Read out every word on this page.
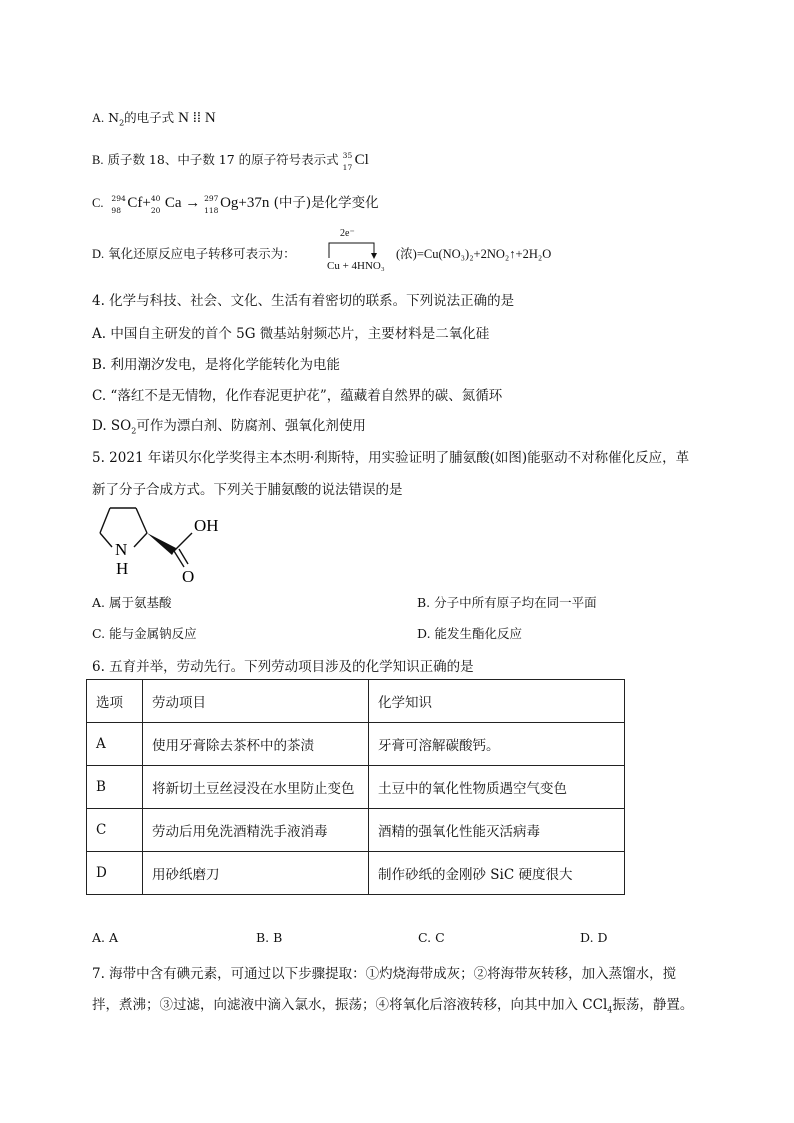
A. $N_2$的电子式 N ⁞⁞ N
B. 质子数 18、中子数 17 的原子符号表示式 35
17 Cl
C. 294
98 Cf+ 40
20 Ca → 297
118 Og+37n (中子)是化学变化
D. 氧化还原反应电子转移可表示为：
2e⁻
Cu + 4HNO₃
(浓)=Cu(NO₃)₂+2NO₂↑+2H₂O
4. 化学与科技、社会、文化、生活有着密切的联系。下列说法正确的是
A. 中国自主研发的首个 5G 微基站射频芯片，主要材料是二氧化硅
B. 利用潮汐发电，是将化学能转化为电能
C. “落红不是无情物，化作春泥更护花”，蕴藏着自然界的碳、氮循环
D. $SO_2$可作为漂白剂、防腐剂、强氧化剂使用
5. 2021 年诺贝尔化学奖得主本杰明·利斯特，用实验证明了脯氨酸(如图)能驱动不对称催化反应，革
新了分子合成方式。下列关于脯氨酸的说法错误的是
OH
O
N
H
A. 属于氨基酸	B. 分子中所有原子均在同一平面
C. 能与金属钠反应	D. 能发生酯化反应
6. 五育并举，劳动先行。下列劳动项目涉及的化学知识正确的是
选项	劳动项目	化学知识
A	使用牙膏除去茶杯中的茶渍	牙膏可溶解碳酸钙。
B	将新切土豆丝浸没在水里防止变色	土豆中的氧化性物质遇空气变色
C	劳动后用免洗酒精洗手液消毒	酒精的强氧化性能灭活病毒
D	用砂纸磨刀	制作砂纸的金刚砂 SiC 硬度很大
A. A	B. B	C. C	D. D
7. 海带中含有碘元素，可通过以下步骤提取：①灼烧海带成灰；②将海带灰转移，加入蒸馏水，搅
拌，煮沸；③过滤，向滤液中滴入氯水，振荡；④将氧化后溶液转移，向其中加入 CCl$_4$振荡，静置。
